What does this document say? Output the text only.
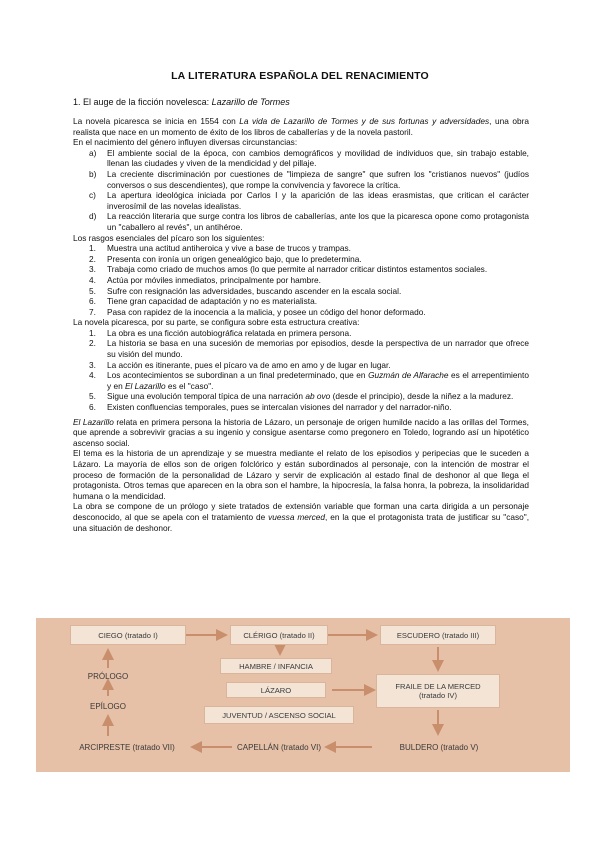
LA LITERATURA ESPAÑOLA DEL RENACIMIENTO
1. El auge de la ficción novelesca: Lazarillo de Tormes

La novela picaresca se inicia en 1554 con La vida de Lazarillo de Tormes y de sus fortunas y adversidades, una obra realista que nace en un momento de éxito de los libros de caballerías y de la novela pastoril.

En el nacimiento del género influyen diversas circunstancias:

a) El ambiente social de la época, con cambios demográficos y movilidad de individuos que, sin trabajo estable, llenan las ciudades y viven de la mendicidad y del pillaje.
b) La creciente discriminación por cuestiones de "limpieza de sangre" que sufren los "cristianos nuevos" (judíos conversos o sus descendientes), que rompe la convivencia y favorece la crítica.
c) La apertura ideológica iniciada por Carlos I y la aparición de las ideas erasmistas, que critican el carácter inverosímil de las novelas idealistas.
d) La reacción literaria que surge contra los libros de caballerías, ante los que la picaresca opone como protagonista un "caballero al revés", un antihéroe.

Los rasgos esenciales del pícaro son los siguientes:

1. Muestra una actitud antiheroica y vive a base de trucos y trampas.
2. Presenta con ironía un origen genealógico bajo, que lo predetermina.
3. Trabaja como criado de muchos amos (lo que permite al narrador criticar distintos estamentos sociales.
4. Actúa por móviles inmediatos, principalmente por hambre.
5. Sufre con resignación las adversidades, buscando ascender en la escala social.
6. Tiene gran capacidad de adaptación y no es materialista.
7. Pasa con rapidez de la inocencia a la malicia, y posee un código del honor deformado.

La novela picaresca, por su parte, se configura sobre esta estructura creativa:

1. La obra es una ficción autobiográfica relatada en primera persona.
2. La historia se basa en una sucesión de memorias por episodios, desde la perspectiva de un narrador que ofrece su visión del mundo.
3. La acción es itinerante, pues el pícaro va de amo en amo y de lugar en lugar.
4. Los acontecimientos se subordinan a un final predeterminado, que en Guzmán de Alfarache es el arrepentimiento y en El Lazarillo es el "caso".
5. Sigue una evolución temporal típica de una narración ab ovo (desde el principio), desde la niñez a la madurez.
6. Existen confluencias temporales, pues se intercalan visiones del narrador y del narrador-niño.

El Lazarillo relata en primera persona la historia de Lázaro, un personaje de origen humilde nacido a las orillas del Tormes, que aprende a sobrevivir gracias a su ingenio y consigue asentarse como pregonero en Toledo, logrando así un hipotético ascenso social.

El tema es la historia de un aprendizaje y se muestra mediante el relato de los episodios y peripecias que le suceden a Lázaro. La mayoría de ellos son de origen folclórico y están subordinados al personaje, con la intención de mostrar el proceso de formación de la personalidad de Lázaro y servir de explicación al estado final de deshonor al que llega el protagonista. Otros temas que aparecen en la obra son el hambre, la hipocresía, la falsa honra, la pobreza, la insolidaridad humana o la mendicidad.

La obra se compone de un prólogo y siete tratados de extensión variable que forman una carta dirigida a un personaje desconocido, al que se apela con el tratamiento de vuessa merced, en la que el protagonista trata de justificar su "caso", una situación de deshonor.

CIEGO (tratado I)	CLÉRIGO (tratado II)	ESCUDERO (tratado III)
PRÓLOGO
HAMBRE / INFANCIA
FRAILE DE LA MERCED
(tratado IV)
LÁZARO
EPÍLOGO
JUVENTUD / ASCENSO SOCIAL
ARCIPRESTE (tratado VII)	CAPELLÁN (tratado VI)	BULDERO (tratado V)
